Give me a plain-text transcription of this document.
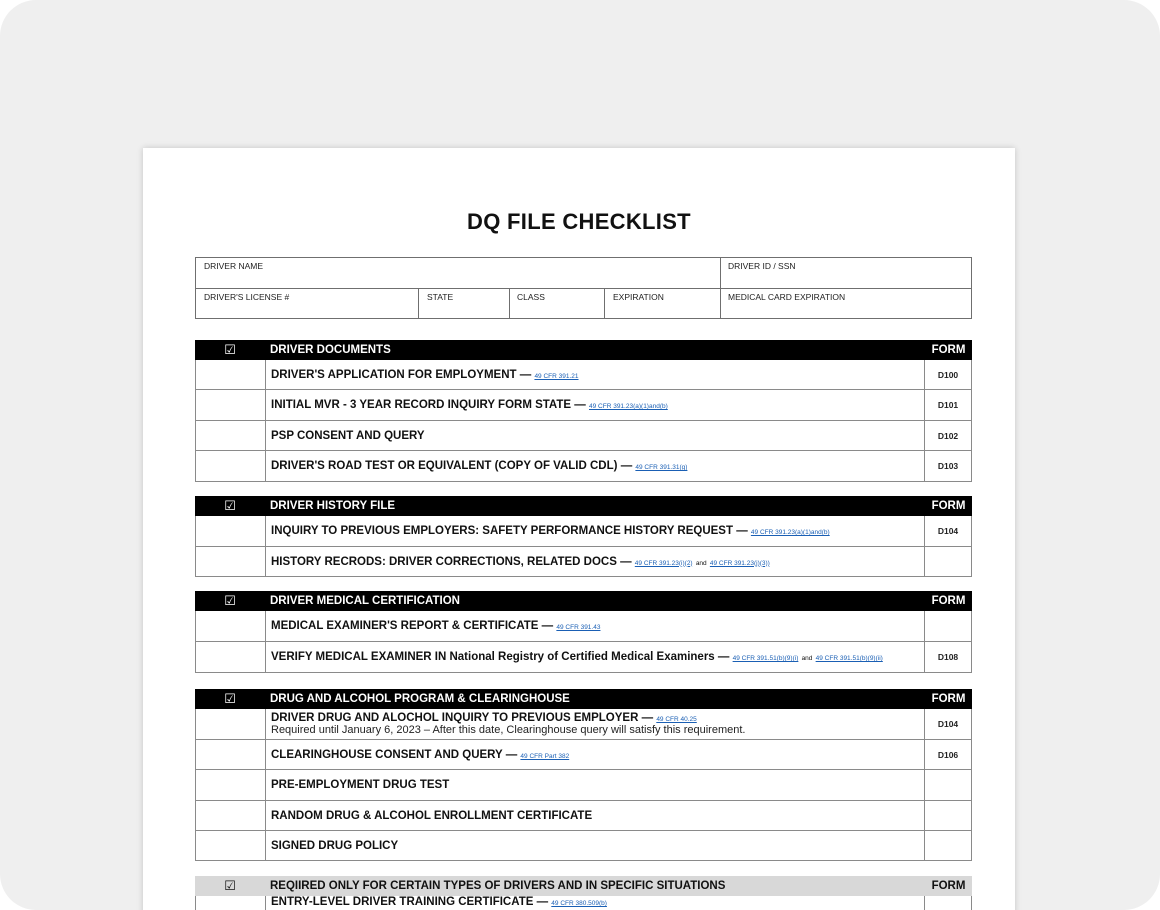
DQ FILE CHECKLIST
DRIVER NAME	DRIVER ID / SSN
DRIVER'S LICENSE #	STATE	CLASS	EXPIRATION	MEDICAL CARD EXPIRATION
☑	DRIVER DOCUMENTS	FORM
DRIVER'S APPLICATION FOR EMPLOYMENT — 49 CFR 391.21	D100
INITIAL MVR - 3 YEAR RECORD INQUIRY FORM STATE — 49 CFR 391.23(a)(1)and(b)	D101
PSP CONSENT AND QUERY	D102
DRIVER'S ROAD TEST OR EQUIVALENT (COPY OF VALID CDL) — 49 CFR 391.31(g)	D103
☑	DRIVER HISTORY FILE	FORM
INQUIRY TO PREVIOUS EMPLOYERS: SAFETY PERFORMANCE HISTORY REQUEST — 49 CFR 391.23(a)(1)and(b)	D104
HISTORY RECRODS: DRIVER CORRECTIONS, RELATED DOCS — 49 CFR 391.23(i)(2) and 49 CFR 391.23(j)(3))
☑	DRIVER MEDICAL CERTIFICATION	FORM
MEDICAL EXAMINER'S REPORT & CERTIFICATE — 49 CFR 391.43
VERIFY MEDICAL EXAMINER IN National Registry of Certified Medical Examiners — 49 CFR 391.51(b)(9)(i) and 49 CFR 391.51(b)(9)(ii)	D108
☑	DRUG AND ALCOHOL PROGRAM & CLEARINGHOUSE	FORM
DRIVER DRUG AND ALOCHOL INQUIRY TO PREVIOUS EMPLOYER — 49 CFR 40.25
Required until January 6, 2023 – After this date, Clearinghouse query will satisfy this requirement.	D104
CLEARINGHOUSE CONSENT AND QUERY — 49 CFR Part 382	D106
PRE-EMPLOYMENT DRUG TEST
RANDOM DRUG & ALCOHOL ENROLLMENT CERTIFICATE
SIGNED DRUG POLICY
☑	REQIIRED ONLY FOR CERTAIN TYPES OF DRIVERS AND IN SPECIFIC SITUATIONS	FORM
ENTRY-LEVEL DRIVER TRAINING CERTIFICATE — 49 CFR 380.509(b)
